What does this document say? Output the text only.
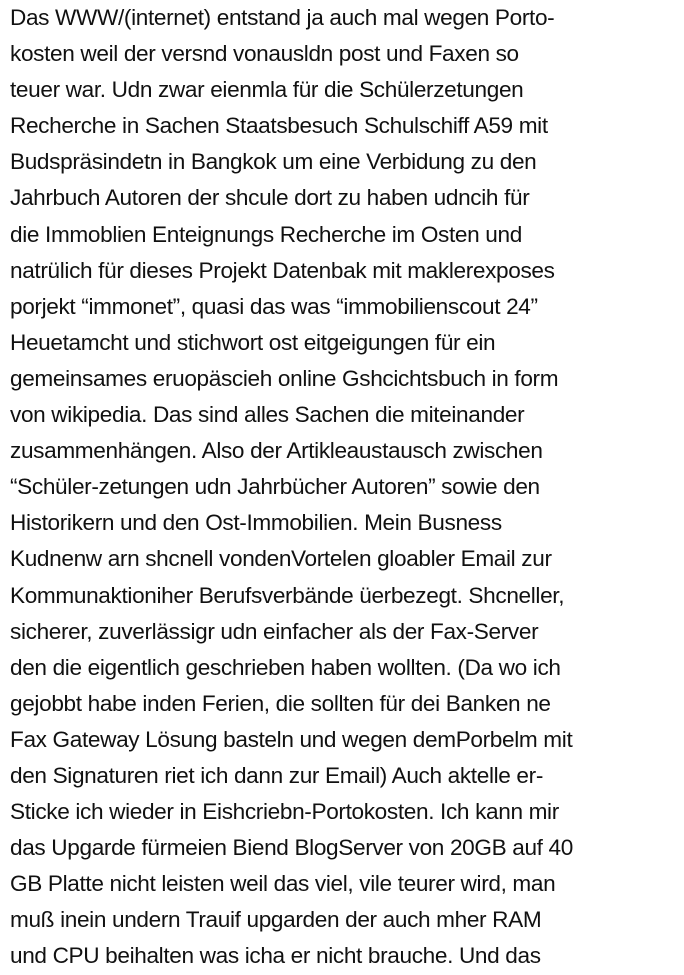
Das WWW/(internet) entstand ja auch mal wegen Porto-
kosten weil der versnd vonausldn post und Faxen so
teuer war. Udn zwar eienmla für die Schülerzetungen
Recherche in Sachen Staatsbesuch Schulschiff A59 mit
Budspräsindetn in Bangkok um eine Verbidung zu den
Jahrbuch Autoren der shcule dort zu haben udncih für
die Immoblien Enteignungs Recherche im Osten und
natrülich für dieses Projekt Datenbak mit maklerexposes
porjekt “immonet”, quasi das was “immobilienscout 24”
Heuetamcht und stichwort ost eitgeigungen für ein
gemeinsames eruopäscieh online Gshcichtsbuch in form
von wikipedia. Das sind alles Sachen die miteinander
zusammenhängen. Also der Artikleaustausch zwischen
“Schüler-zetungen udn Jahrbücher Autoren” sowie den
Historikern und den Ost-Immobilien. Mein Busness
Kudnenw arn shcnell vondenVortelen gloabler Email zur
Kommunaktioniher Berufsverbände üerbezegt. Shcneller,
sicherer, zuverlässigr udn einfacher als der Fax-Server
den die eigentlich geschrieben haben wollten. (Da wo ich
gejobbt habe inden Ferien, die sollten für dei Banken ne
Fax Gateway Lösung basteln und wegen demPorbelm mit
den Signaturen riet ich dann zur Email) Auch aktelle er-
Sticke ich wieder in Eishcriebn-Portokosten. Ich kann mir
das Upgarde fürmeien Biend BlogServer von 20GB auf 40
GB Platte nicht leisten weil das viel, vile teurer wird, man
muß inein undern Trauif upgarden der auch mher RAM
und CPU beihalten was icha er nicht brauche. Und das
